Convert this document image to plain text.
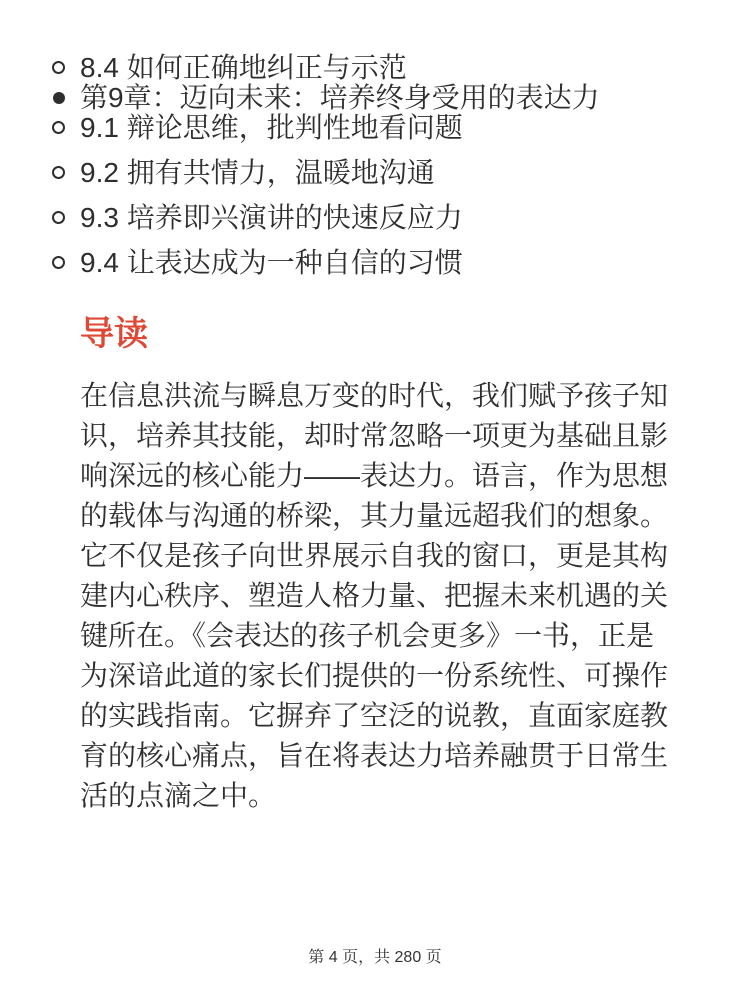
8.4 如何正确地纠正与示范
第9章：迈向未来：培养终身受用的表达力
9.1 辩论思维，批判性地看问题
9.2 拥有共情力，温暖地沟通
9.3 培养即兴演讲的快速反应力
9.4 让表达成为一种自信的习惯
导读

在信息洪流与瞬息万变的时代，我们赋予孩子知识，培养其技能，却时常忽略一项更为基础且影响深远的核心能力——表达力。语言，作为思想的载体与沟通的桥梁，其力量远超我们的想象。它不仅是孩子向世界展示自我的窗口，更是其构建内心秩序、塑造人格力量、把握未来机遇的关键所在。《会表达的孩子机会更多》一书，正是为深谙此道的家长们提供的一份系统性、可操作的实践指南。它摒弃了空泛的说教，直面家庭教育的核心痛点，旨在将表达力培养融贯于日常生活的点滴之中。

第 4 页，共 280 页
